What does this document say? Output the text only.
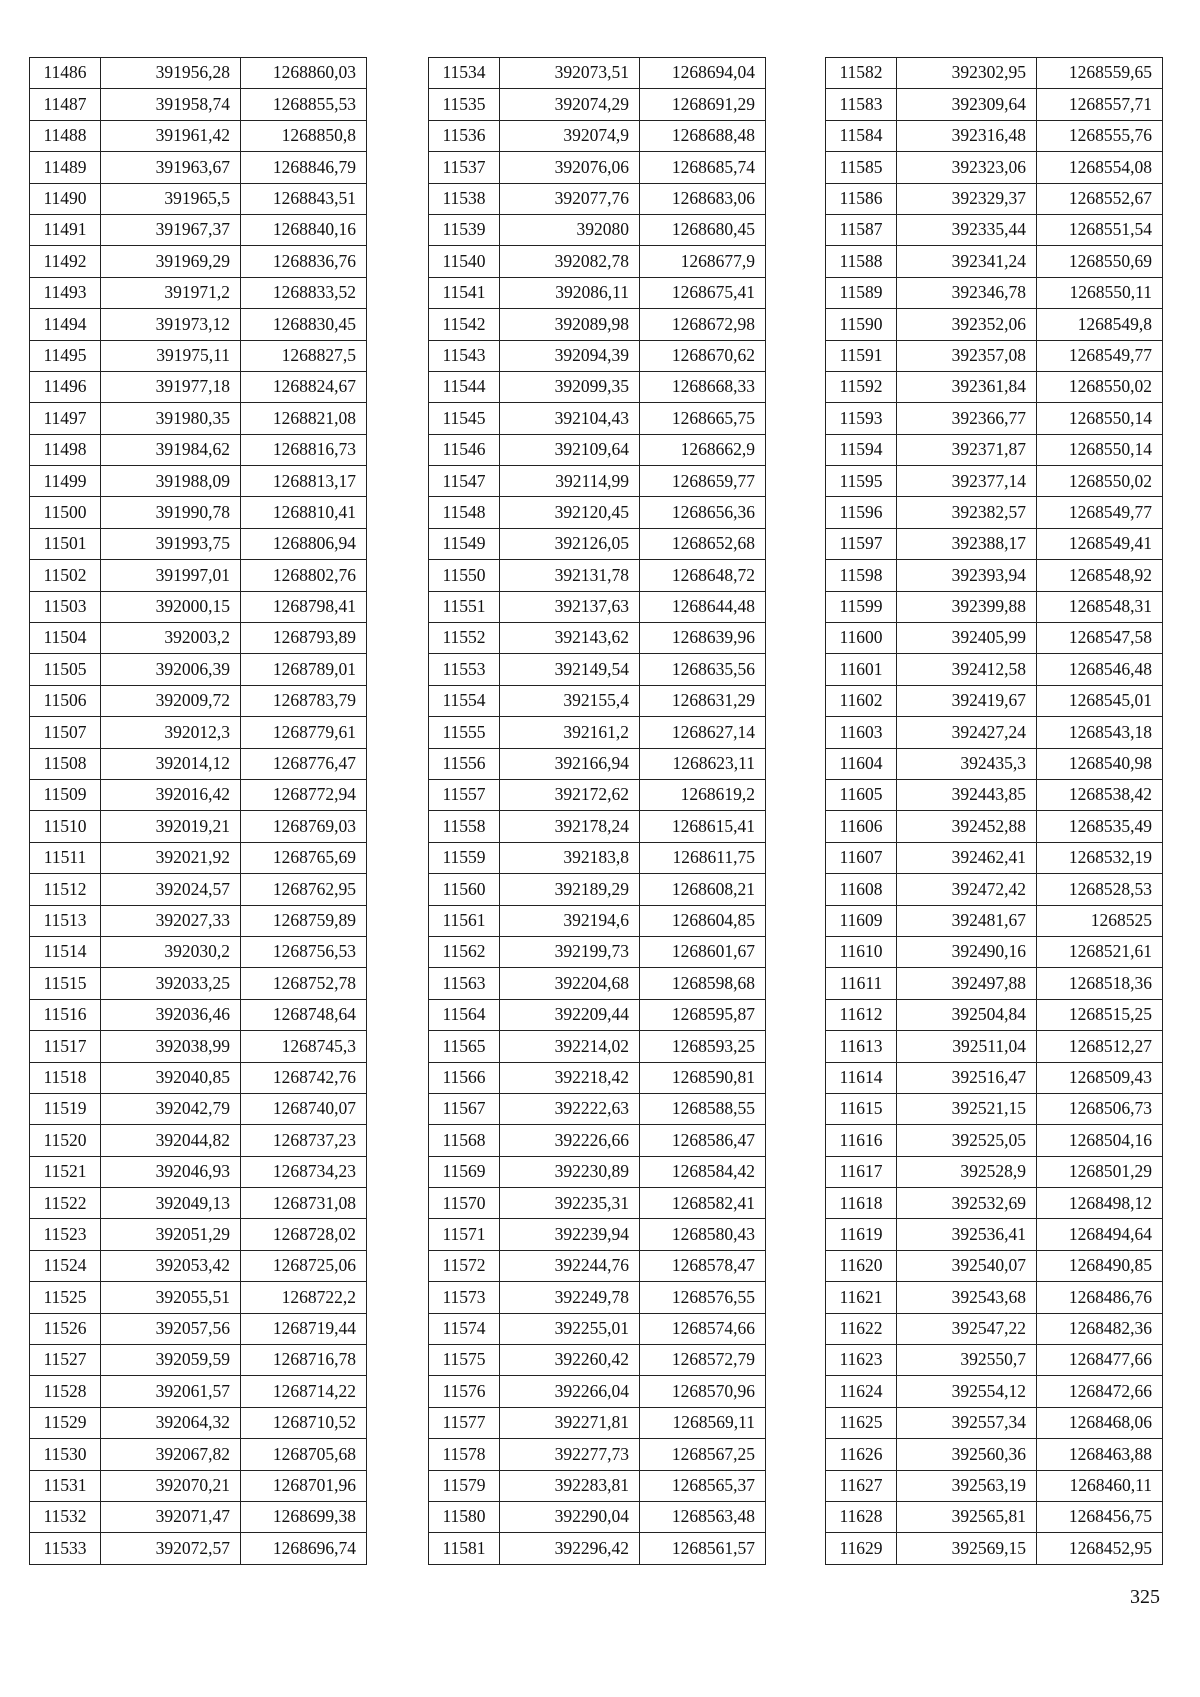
11486	391956,28	1268860,03
11487	391958,74	1268855,53
11488	391961,42	1268850,8
11489	391963,67	1268846,79
11490	391965,5	1268843,51
11491	391967,37	1268840,16
11492	391969,29	1268836,76
11493	391971,2	1268833,52
11494	391973,12	1268830,45
11495	391975,11	1268827,5
11496	391977,18	1268824,67
11497	391980,35	1268821,08
11498	391984,62	1268816,73
11499	391988,09	1268813,17
11500	391990,78	1268810,41
11501	391993,75	1268806,94
11502	391997,01	1268802,76
11503	392000,15	1268798,41
11504	392003,2	1268793,89
11505	392006,39	1268789,01
11506	392009,72	1268783,79
11507	392012,3	1268779,61
11508	392014,12	1268776,47
11509	392016,42	1268772,94
11510	392019,21	1268769,03
11511	392021,92	1268765,69
11512	392024,57	1268762,95
11513	392027,33	1268759,89
11514	392030,2	1268756,53
11515	392033,25	1268752,78
11516	392036,46	1268748,64
11517	392038,99	1268745,3
11518	392040,85	1268742,76
11519	392042,79	1268740,07
11520	392044,82	1268737,23
11521	392046,93	1268734,23
11522	392049,13	1268731,08
11523	392051,29	1268728,02
11524	392053,42	1268725,06
11525	392055,51	1268722,2
11526	392057,56	1268719,44
11527	392059,59	1268716,78
11528	392061,57	1268714,22
11529	392064,32	1268710,52
11530	392067,82	1268705,68
11531	392070,21	1268701,96
11532	392071,47	1268699,38
11533	392072,57	1268696,74
11534	392073,51	1268694,04
11535	392074,29	1268691,29
11536	392074,9	1268688,48
11537	392076,06	1268685,74
11538	392077,76	1268683,06
11539	392080	1268680,45
11540	392082,78	1268677,9
11541	392086,11	1268675,41
11542	392089,98	1268672,98
11543	392094,39	1268670,62
11544	392099,35	1268668,33
11545	392104,43	1268665,75
11546	392109,64	1268662,9
11547	392114,99	1268659,77
11548	392120,45	1268656,36
11549	392126,05	1268652,68
11550	392131,78	1268648,72
11551	392137,63	1268644,48
11552	392143,62	1268639,96
11553	392149,54	1268635,56
11554	392155,4	1268631,29
11555	392161,2	1268627,14
11556	392166,94	1268623,11
11557	392172,62	1268619,2
11558	392178,24	1268615,41
11559	392183,8	1268611,75
11560	392189,29	1268608,21
11561	392194,6	1268604,85
11562	392199,73	1268601,67
11563	392204,68	1268598,68
11564	392209,44	1268595,87
11565	392214,02	1268593,25
11566	392218,42	1268590,81
11567	392222,63	1268588,55
11568	392226,66	1268586,47
11569	392230,89	1268584,42
11570	392235,31	1268582,41
11571	392239,94	1268580,43
11572	392244,76	1268578,47
11573	392249,78	1268576,55
11574	392255,01	1268574,66
11575	392260,42	1268572,79
11576	392266,04	1268570,96
11577	392271,81	1268569,11
11578	392277,73	1268567,25
11579	392283,81	1268565,37
11580	392290,04	1268563,48
11581	392296,42	1268561,57
11582	392302,95	1268559,65
11583	392309,64	1268557,71
11584	392316,48	1268555,76
11585	392323,06	1268554,08
11586	392329,37	1268552,67
11587	392335,44	1268551,54
11588	392341,24	1268550,69
11589	392346,78	1268550,11
11590	392352,06	1268549,8
11591	392357,08	1268549,77
11592	392361,84	1268550,02
11593	392366,77	1268550,14
11594	392371,87	1268550,14
11595	392377,14	1268550,02
11596	392382,57	1268549,77
11597	392388,17	1268549,41
11598	392393,94	1268548,92
11599	392399,88	1268548,31
11600	392405,99	1268547,58
11601	392412,58	1268546,48
11602	392419,67	1268545,01
11603	392427,24	1268543,18
11604	392435,3	1268540,98
11605	392443,85	1268538,42
11606	392452,88	1268535,49
11607	392462,41	1268532,19
11608	392472,42	1268528,53
11609	392481,67	1268525
11610	392490,16	1268521,61
11611	392497,88	1268518,36
11612	392504,84	1268515,25
11613	392511,04	1268512,27
11614	392516,47	1268509,43
11615	392521,15	1268506,73
11616	392525,05	1268504,16
11617	392528,9	1268501,29
11618	392532,69	1268498,12
11619	392536,41	1268494,64
11620	392540,07	1268490,85
11621	392543,68	1268486,76
11622	392547,22	1268482,36
11623	392550,7	1268477,66
11624	392554,12	1268472,66
11625	392557,34	1268468,06
11626	392560,36	1268463,88
11627	392563,19	1268460,11
11628	392565,81	1268456,75
11629	392569,15	1268452,95
325
